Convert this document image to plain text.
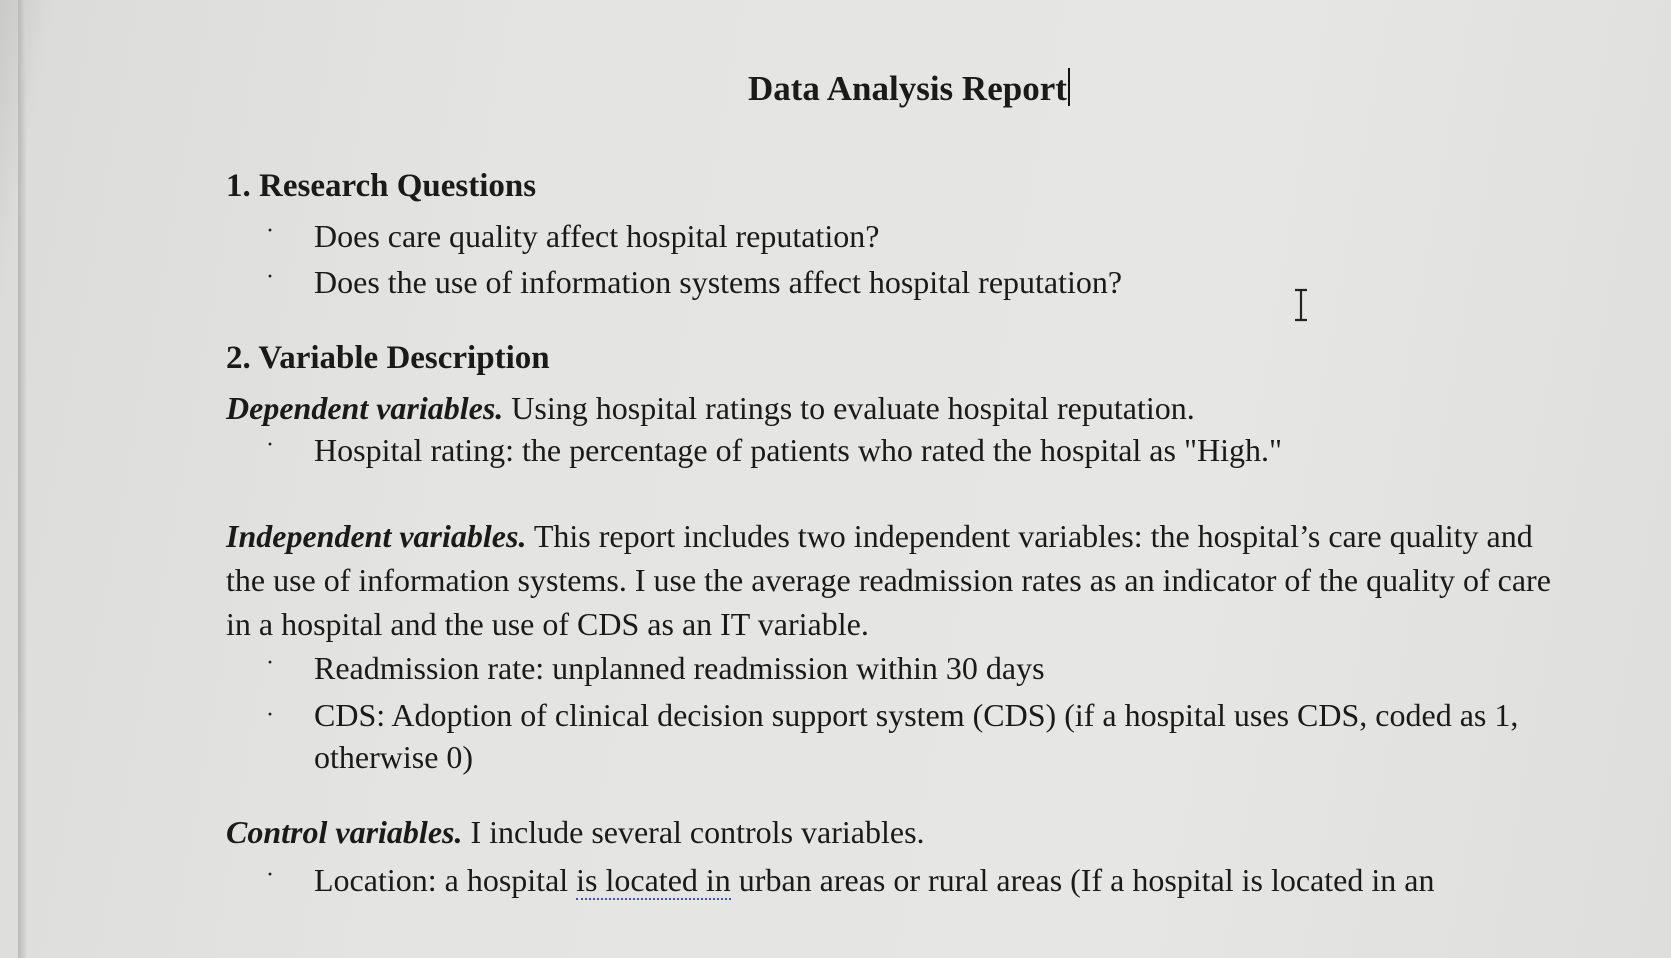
Data Analysis Report
1. Research Questions
· Does care quality affect hospital reputation?
· Does the use of information systems affect hospital reputation?
2. Variable Description

Dependent variables. Using hospital ratings to evaluate hospital reputation.

· Hospital rating: the percentage of patients who rated the hospital as "High."

Independent variables. This report includes two independent variables: the hospital’s care quality and the use of information systems. I use the average readmission rates as an indicator of the quality of care in a hospital and the use of CDS as an IT variable.

· Readmission rate: unplanned readmission within 30 days
· CDS: Adoption of clinical decision support system (CDS) (if a hospital uses CDS, coded as 1, otherwise 0)

Control variables. I include several controls variables.

· Location: a hospital is located in urban areas or rural areas (If a hospital is located in an
